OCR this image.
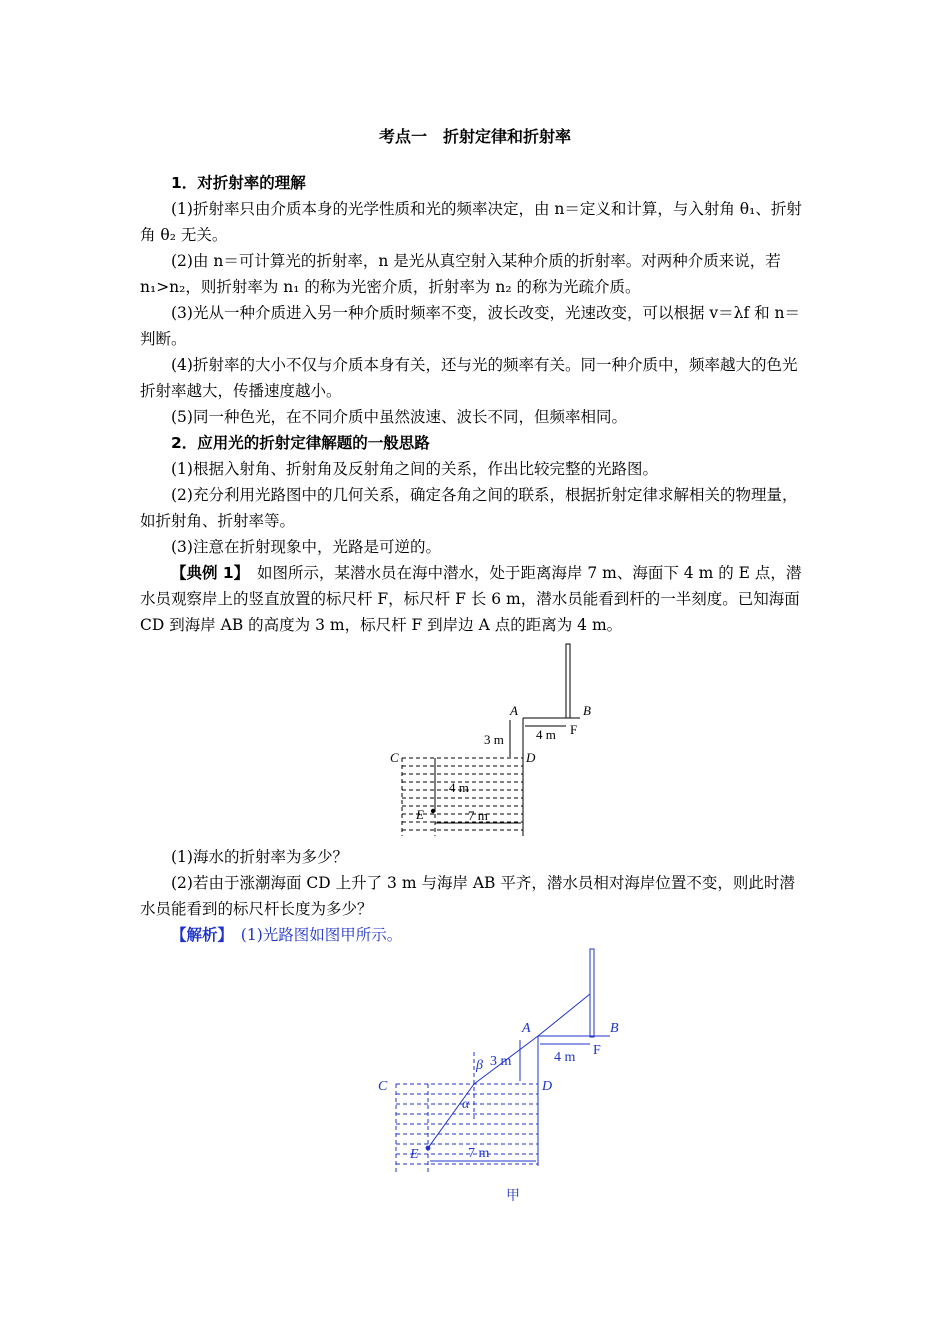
考点一　折射定律和折射率

1．对折射率的理解

(1)折射率只由介质本身的光学性质和光的频率决定，由 n＝定义和计算，与入射角 θ₁、折射角 θ₂ 无关。

(2)由 n＝可计算光的折射率，n 是光从真空射入某种介质的折射率。对两种介质来说，若 n₁>n₂，则折射率为 n₁ 的称为光密介质，折射率为 n₂ 的称为光疏介质。

(3)光从一种介质进入另一种介质时频率不变，波长改变，光速改变，可以根据 v＝λf 和 n＝判断。

(4)折射率的大小不仅与介质本身有关，还与光的频率有关。同一种介质中，频率越大的色光折射率越大，传播速度越小。

(5)同一种色光，在不同介质中虽然波速、波长不同，但频率相同。

2．应用光的折射定律解题的一般思路

(1)根据入射角、折射角及反射角之间的关系，作出比较完整的光路图。

(2)充分利用光路图中的几何关系，确定各角之间的联系，根据折射定律求解相关的物理量，如折射角、折射率等。

(3)注意在折射现象中，光路是可逆的。

【典例 1】　 如图所示，某潜水员在海中潜水，处于距离海岸 7 m、海面下 4 m 的 E 点，潜水员观察岸上的竖直放置的标尺杆 F，标尺杆 F 长 6 m，潜水员能看到杆的一半刻度。已知海面 CD 到海岸 AB 的高度为 3 m，标尺杆 F 到岸边 A 点的距离为 4 m。

(1)海水的折射率为多少？

(2)若由于涨潮海面 CD 上升了 3 m 与海岸 AB 平齐，潜水员相对海岸位置不变，则此时潜水员能看到的标尺杆长度为多少？

【解析】　 (1)光路图如图甲所示。

A	B
C	D
E
F
3 m 4 m
4 m
7 m
A	B
C	D
E
F
β
α
3 m	4 m
7 m
甲
